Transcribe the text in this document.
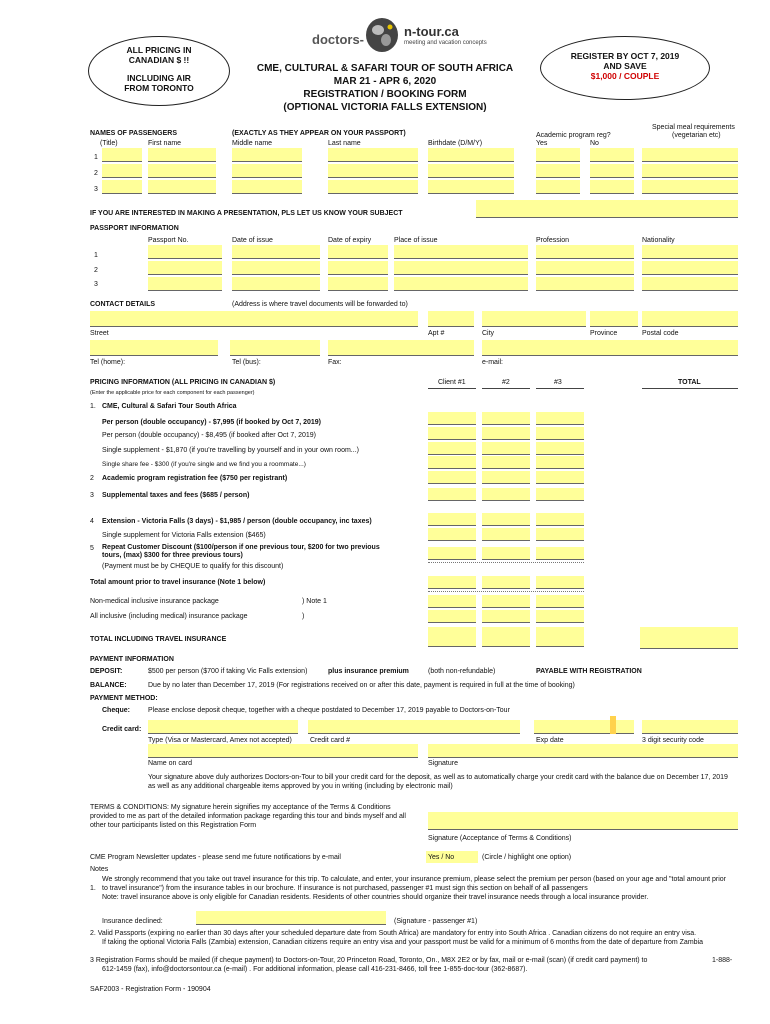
ALL PRICING IN
CANADIAN $ !!
INCLUDING AIR
FROM TORONTO
doctors-
n-tour.ca
meeting and vacation concepts
REGISTER BY OCT 7, 2019
AND SAVE
$1,000 / COUPLE
CME, CULTURAL & SAFARI TOUR OF SOUTH AFRICA
MAR 21 - APR 6, 2020
REGISTRATION / BOOKING FORM
(OPTIONAL VICTORIA FALLS EXTENSION)
Special meal requirements
(vegetarian etc)
NAMES OF PASSENGERS	(EXACTLY AS THEY APPEAR ON YOUR PASSPORT)	Academic program reg?
(Title)	First name	Middle name	Last name	Birthdate (D/M/Y)	Yes	No
1
2
3
IF YOU ARE INTERESTED IN MAKING A PRESENTATION, PLS LET US KNOW YOUR SUBJECT
PASSPORT INFORMATION
Passport No.	Date of issue	Date of expiry	Place of issue	Profession	Nationality
1
2
3
CONTACT DETAILS	(Address is where travel documents will be forwarded to)
Street	Apt #	City	Province	Postal code
Tel (home):	Tel (bus):	Fax:	e-mail:
PRICING INFORMATION (ALL PRICING IN CANADIAN $)
(Enter the applicable price for each component for each passenger)
Client #1	#2	#3	TOTAL
1. CME, Cultural & Safari Tour South Africa
Per person (double occupancy) - $7,995 (if booked by Oct 7, 2019)
Per person (double occupancy) - $8,495 (if booked after Oct 7, 2019)
Single supplement - $1,870 (if you're travelling by yourself and in your own room...)
Single share fee - $300 (if you're single and we find you a roommate...)
2 Academic program registration fee ($750 per registrant)
3 Supplemental taxes and fees ($685 / person)
4 Extension - Victoria Falls (3 days) - $1,985 / person (double occupancy, inc taxes)
Single supplement for Victoria Falls extension ($465)
5 Repeat Customer Discount ($100/person if one previous tour, $200 for two previous
tours, (max) $300 for three previous tours)
(Payment must be by CHEQUE to qualify for this discount)
Total amount prior to travel insurance (Note 1 below)
Non-medical inclusive insurance package	) Note 1
All inclusive (including medical) insurance package	)
TOTAL INCLUDING TRAVEL INSURANCE
PAYMENT INFORMATION
DEPOSIT:	$500 per person ($700 if taking Vic Falls extension)	plus insurance premium	(both non-refundable)	PAYABLE WITH REGISTRATION
BALANCE:	Due by no later than December 17, 2019 (For registrations received on or after this date, payment is required in full at the time of booking)
PAYMENT METHOD:
Cheque:	Please enclose deposit cheque, together with a cheque postdated to December 17, 2019 payable to Doctors-on-Tour
Credit card:
Type (Visa or Mastercard, Amex not accepted)	Credit card #	Exp date	3 digit security code
Name on card	Signature
Your signature above duly authorizes Doctors-on-Tour to bill your credit card for the deposit, as well as to automatically charge your credit card with the balance due on December 17, 2019
as well as any additional chargeable items approved by you in writing (including by electronic mail)
TERMS & CONDITIONS: My signature herein signifies my acceptance of the Terms & Conditions
provided to me as part of the detailed information package regarding this tour and binds myself and all
other tour participants listed on this Registration Form
Signature (Acceptance of Terms & Conditions)
CME Program Newsletter updates - please send me future notifications by e-mail	Yes / No	(Circle / highlight one option)
Notes
We strongly recommend that you take out travel insurance for this trip. To calculate, and enter, your insurance premium, please select the premium per person (based on your age and "total amount prior
1. to travel insurance") from the insurance tables in our brochure. If insurance is not purchased, passenger #1 must sign this section on behalf of all passengers
Note: travel insurance above is only eligible for Canadian residents. Residents of other countries should organize their travel insurance needs through a local insurance provider.
Insurance declined:	(Signature - passenger #1)
2. Valid Passports (expiring no earlier than 30 days after your scheduled departure date from South Africa) are mandatory for entry into South Africa . Canadian citizens do not require an entry visa.
If taking the optional Victoria Falls (Zambia) extension, Canadian citizens require an entry visa and your passport must be valid for a minimum of 6 months from the date of departure from Zambia
3 Registration Forms should be mailed (if cheque payment) to Doctors-on-Tour, 20 Princeton Road, Toronto, On., M8X 2E2 or by fax, mail or e-mail (scan) (if credit card payment) to	1-888-
612-1459 (fax), info@doctorsontour.ca (e-mail) . For additional information, please call 416-231-8466, toll free 1-855-doc-tour (362-8687).
SAF2003 - Registration Form - 190904
